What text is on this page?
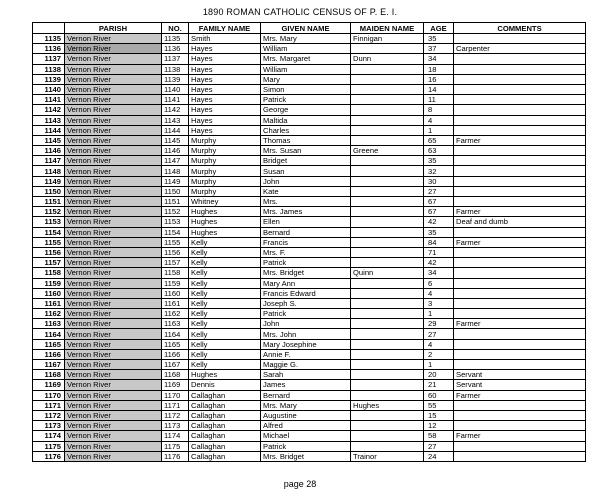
1890 ROMAN CATHOLIC CENSUS OF P. E. I.
	PARISH	NO.	FAMILY NAME	GIVEN NAME	MAIDEN NAME	AGE	COMMENTS
1135	Vernon River	1135	Smith	Mrs. Mary	Finnigan	35	
1136	Vernon River	1136	Hayes	William		37	Carpenter
1137	Vernon River	1137	Hayes	Mrs. Margaret	Dunn	34	
1138	Vernon River	1138	Hayes	William		18	
1139	Vernon River	1139	Hayes	Mary		16	
1140	Vernon River	1140	Hayes	Simon		14	
1141	Vernon River	1141	Hayes	Patrick		11	
1142	Vernon River	1142	Hayes	George		8	
1143	Vernon River	1143	Hayes	Maltida		4	
1144	Vernon River	1144	Hayes	Charles		1	
1145	Vernon River	1145	Murphy	Thomas		65	Farmer
1146	Vernon River	1146	Murphy	Mrs. Susan	Greene	63	
1147	Vernon River	1147	Murphy	Bridget		35	
1148	Vernon River	1148	Murphy	Susan		32	
1149	Vernon River	1149	Murphy	John		30	
1150	Vernon River	1150	Murphy	Kate		27	
1151	Vernon River	1151	Whitney	Mrs.		67	
1152	Vernon River	1152	Hughes	Mrs. James		67	Farmer
1153	Vernon River	1153	Hughes	Ellen		42	Deaf and dumb
1154	Vernon River	1154	Hughes	Bernard		35	
1155	Vernon River	1155	Kelly	Francis		84	Farmer
1156	Vernon River	1156	Kelly	Mrs. F.		71	
1157	Vernon River	1157	Kelly	Patrick		42	
1158	Vernon River	1158	Kelly	Mrs. Bridget	Quinn	34	
1159	Vernon River	1159	Kelly	Mary Ann		6	
1160	Vernon River	1160	Kelly	Francis Edward		4	
1161	Vernon River	1161	Kelly	Joseph S.		3	
1162	Vernon River	1162	Kelly	Patrick		1	
1163	Vernon River	1163	Kelly	John		29	Farmer
1164	Vernon River	1164	Kelly	Mrs. John		27	
1165	Vernon River	1165	Kelly	Mary Josephine		4	
1166	Vernon River	1166	Kelly	Annie F.		2	
1167	Vernon River	1167	Kelly	Maggie G.		1	
1168	Vernon River	1168	Hughes	Sarah		20	Servant
1169	Vernon River	1169	Dennis	James		21	Servant
1170	Vernon River	1170	Callaghan	Bernard		60	Farmer
1171	Vernon River	1171	Callaghan	Mrs. Mary	Hughes	55	
1172	Vernon River	1172	Callaghan	Augustine		15	
1173	Vernon River	1173	Callaghan	Alfred		12	
1174	Vernon River	1174	Callaghan	Michael		58	Farmer
1175	Vernon River	1175	Callaghan	Patrick		27	
1176	Vernon River	1176	Callaghan	Mrs. Bridget	Trainor	24	
page 28
